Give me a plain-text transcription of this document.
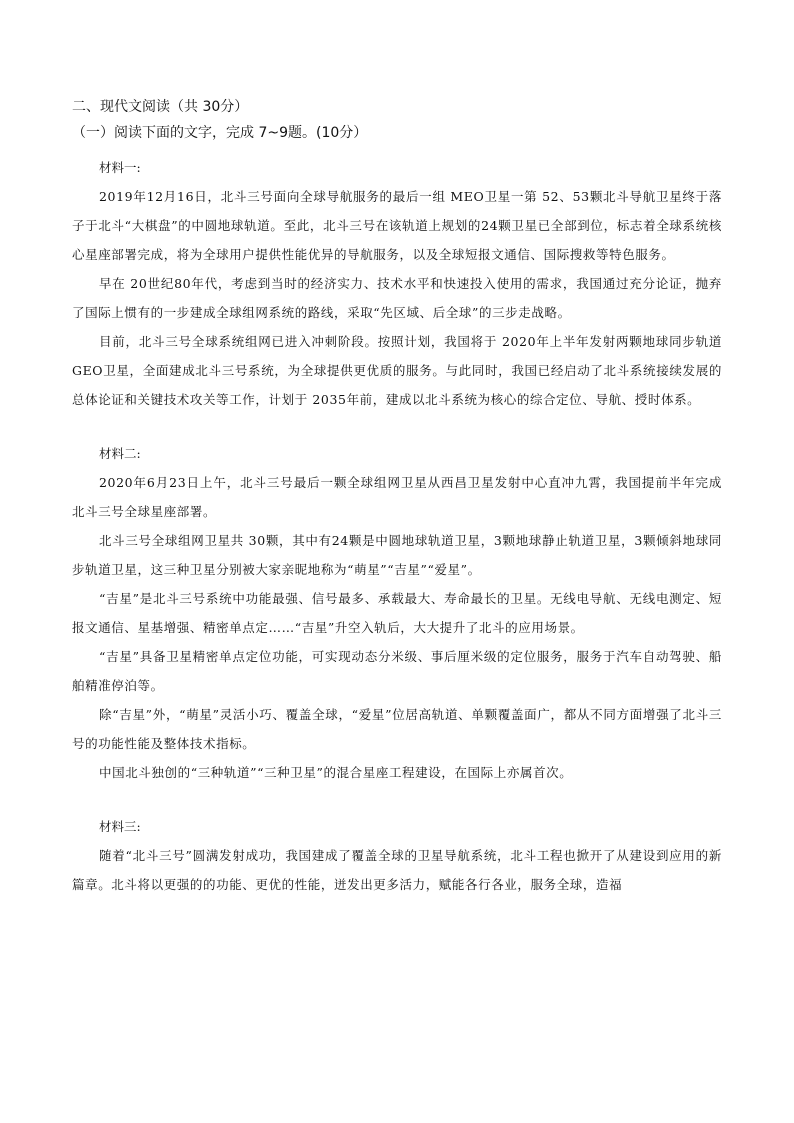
二、现代文阅读（共 30分）

（一）阅读下面的文字，完成 7~9题。(10分）

材料一:

2019年12月16日，北斗三号面向全球导航服务的最后一组 MEO卫星一第 52、53颗北斗导航卫星终于落子于北斗“大棋盘”的中圆地球轨道。至此，北斗三号在该轨道上规划的24颗卫星已全部到位，标志着全球系统核心星座部署完成，将为全球用户提供性能优异的导航服务，以及全球短报文通信、国际搜救等特色服务。

早在 20世纪80年代，考虑到当时的经济实力、技术水平和快速投入使用的需求，我国通过充分论证，抛弃了国际上惯有的一步建成全球组网系统的路线，采取“先区域、后全球”的三步走战略。

目前，北斗三号全球系统组网已进入冲刺阶段。按照计划，我国将于 2020年上半年发射两颗地球同步轨道 GEO卫星，全面建成北斗三号系统，为全球提供更优质的服务。与此同时，我国已经启动了北斗系统接续发展的总体论证和关键技术攻关等工作，计划于 2035年前，建成以北斗系统为核心的综合定位、导航、授时体系。

材料二:

2020年6月23日上午，北斗三号最后一颗全球组网卫星从西昌卫星发射中心直冲九霄，我国提前半年完成北斗三号全球星座部署。

北斗三号全球组网卫星共 30颗，其中有24颗是中圆地球轨道卫星，3颗地球静止轨道卫星，3颗倾斜地球同步轨道卫星，这三种卫星分别被大家亲昵地称为“萌星”“吉星”“爱星”。

“吉星”是北斗三号系统中功能最强、信号最多、承载最大、寿命最长的卫星。无线电导航、无线电测定、短报文通信、星基增强、精密单点定……“吉星”升空入轨后，大大提升了北斗的应用场景。

“吉星”具备卫星精密单点定位功能，可实现动态分米级、事后厘米级的定位服务，服务于汽车自动驾驶、船舶精准停泊等。

除“吉星”外，“萌星”灵活小巧、覆盖全球，“爱星”位居高轨道、单颗覆盖面广，都从不同方面增强了北斗三号的功能性能及整体技术指标。

中国北斗独创的“三种轨道”“三种卫星”的混合星座工程建设，在国际上亦属首次。

材料三:

随着“北斗三号”圆满发射成功，我国建成了覆盖全球的卫星导航系统，北斗工程也掀开了从建设到应用的新篇章。北斗将以更强的的功能、更优的性能，迸发出更多活力，赋能各行各业，服务全球，造福
